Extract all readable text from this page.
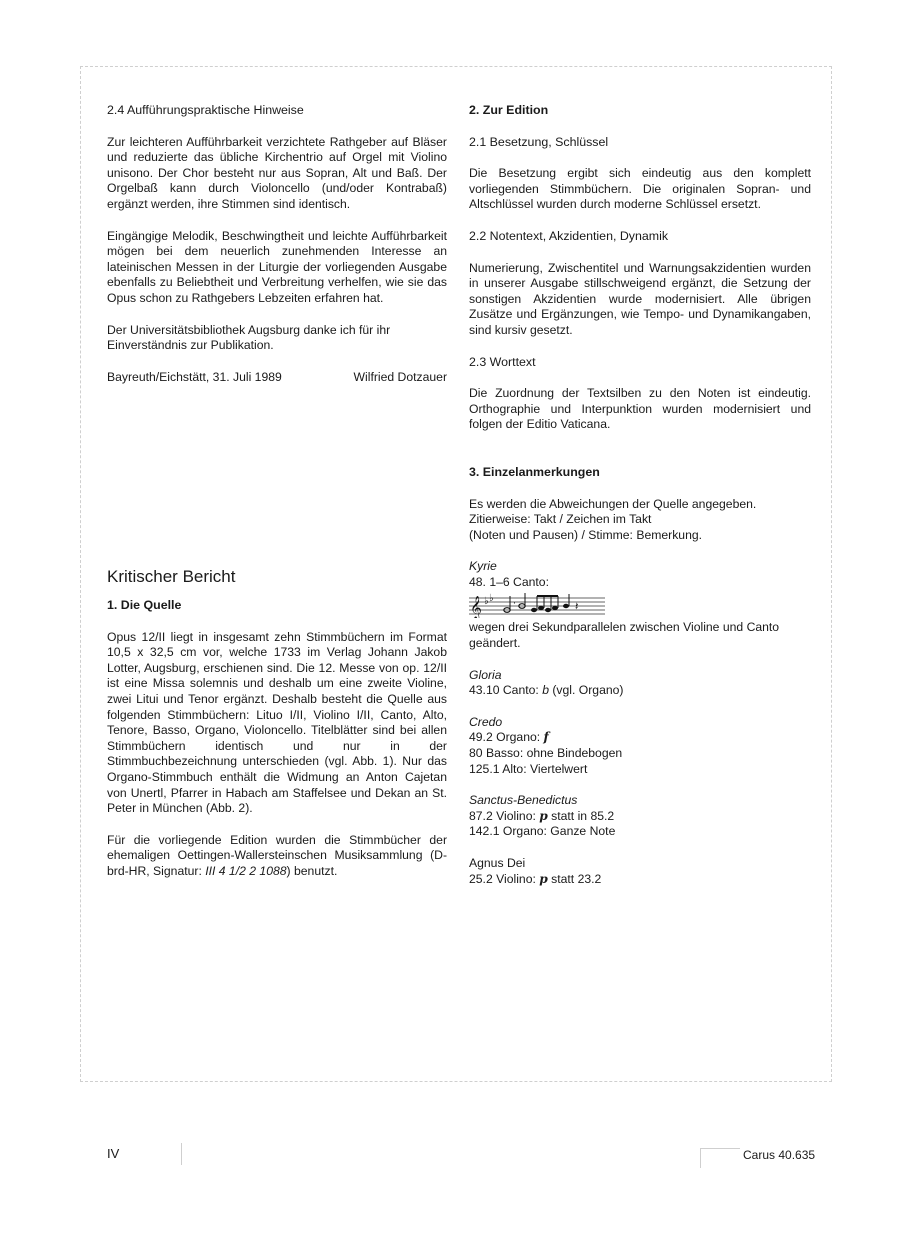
2.4 Aufführungspraktische Hinweise

Zur leichteren Aufführbarkeit verzichtete Rathgeber auf Bläser und reduzierte das übliche Kirchentrio auf Orgel mit Violino unisono. Der Chor besteht nur aus Sopran, Alt und Baß. Der Orgelbaß kann durch Violoncello (und/oder Kontrabaß) ergänzt werden, ihre Stimmen sind identisch.

Eingängige Melodik, Beschwingtheit und leichte Aufführbarkeit mögen bei dem neuerlich zunehmenden Interesse an lateinischen Messen in der Liturgie der vorliegenden Ausgabe ebenfalls zu Beliebtheit und Verbreitung verhelfen, wie sie das Opus schon zu Rathgebers Lebzeiten erfahren hat.

Der Universitätsbibliothek Augsburg danke ich für ihr Einverständnis zur Publikation.

Bayreuth/Eichstätt, 31. Juli 1989	Wilfried Dotzauer

Kritischer Bericht

1. Die Quelle

Opus 12/II liegt in insgesamt zehn Stimmbüchern im Format 10,5 x 32,5 cm vor, welche 1733 im Verlag Johann Jakob Lotter, Augsburg, erschienen sind. Die 12. Messe von op. 12/II ist eine Missa solemnis und deshalb um eine zweite Violine, zwei Litui und Tenor ergänzt. Deshalb besteht die Quelle aus folgenden Stimmbüchern: Lituo I/II, Violino I/II, Canto, Alto, Tenore, Basso, Organo, Violoncello. Titelblätter sind bei allen Stimmbüchern identisch und nur in der Stimmbuchbezeichnung unterschieden (vgl. Abb. 1). Nur das Organo-Stimmbuch enthält die Widmung an Anton Cajetan von Unertl, Pfarrer in Habach am Staffelsee und Dekan an St. Peter in München (Abb. 2).

Für die vorliegende Edition wurden die Stimmbücher der ehemaligen Oettingen-Wallersteinschen Musiksammlung (D-brd-HR, Signatur: III 4 1/2 2 1088) benutzt.

2. Zur Edition

2.1 Besetzung, Schlüssel

Die Besetzung ergibt sich eindeutig aus den komplett vorliegenden Stimmbüchern. Die originalen Sopran- und Altschlüssel wurden durch moderne Schlüssel ersetzt.

2.2 Notentext, Akzidentien, Dynamik

Numerierung, Zwischentitel und Warnungsakzidentien wurden in unserer Ausgabe stillschweigend ergänzt, die Setzung der sonstigen Akzidentien wurde modernisiert. Alle übrigen Zusätze und Ergänzungen, wie Tempo- und Dynamikangaben, sind kursiv gesetzt.

2.3 Worttext

Die Zuordnung der Textsilben zu den Noten ist eindeutig. Orthographie und Interpunktion wurden modernisiert und folgen der Editio Vaticana.

3. Einzelanmerkungen

Es werden die Abweichungen der Quelle angegeben.

Zitierweise: Takt / Zeichen im Takt

(Noten und Pausen) / Stimme: Bemerkung.

Kyrie

48. 1–6 Canto:

𝄞 ♭ ♭ ·	𝄽

wegen drei Sekundparallelen zwischen Violine und Canto geändert.

Gloria

43.10 Canto: b (vgl. Organo)

Credo

49.2 Organo: f

80 Basso: ohne Bindebogen

125.1 Alto: Viertelwert

Sanctus-Benedictus

87.2 Violino: p statt in 85.2

142.1 Organo: Ganze Note

Agnus Dei

25.2 Violino: p statt 23.2

IV	Carus 40.635
